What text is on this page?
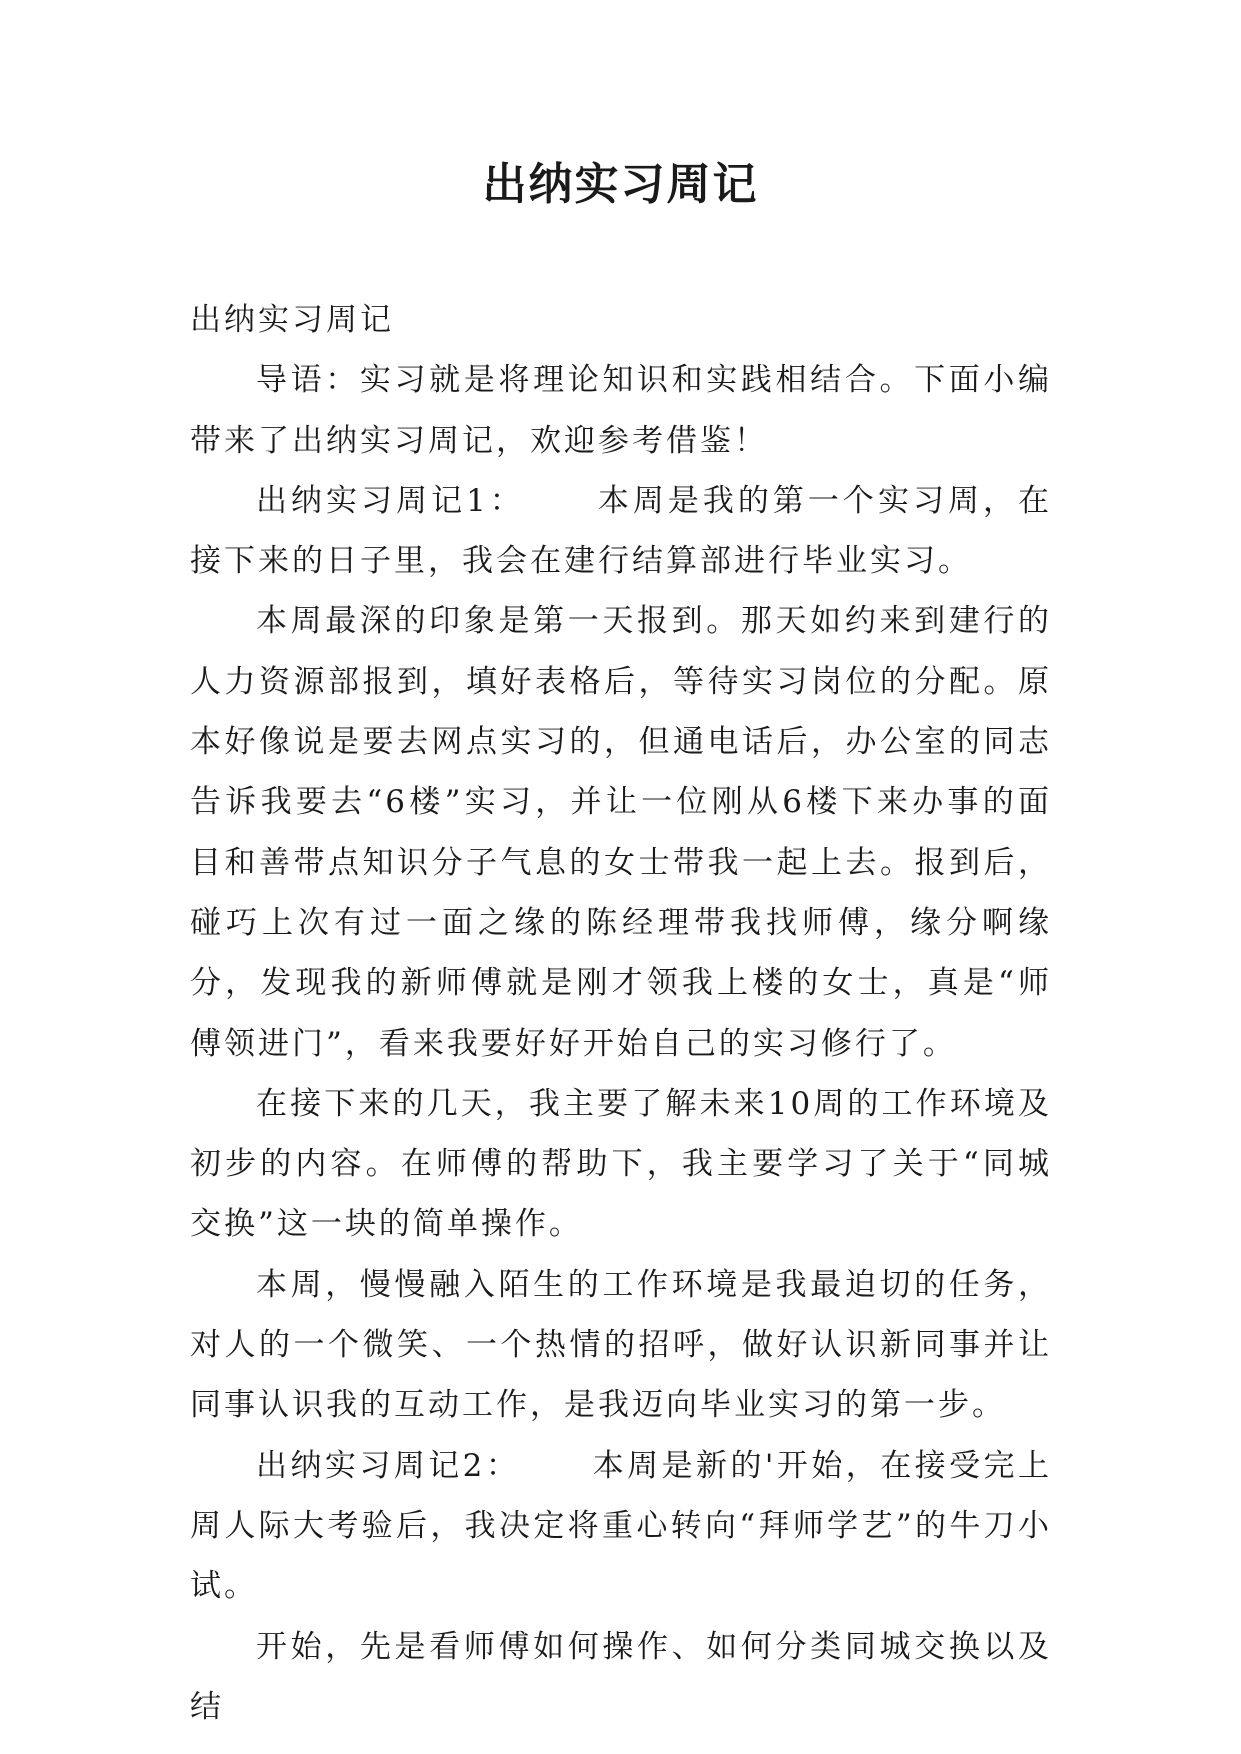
出纳实习周记

出纳实习周记

导语：实习就是将理论知识和实践相结合。下面小编带来了出纳实习周记，欢迎参考借鉴！

出纳实习周记1： 本周是我的第一个实习周，在接下来的日子里，我会在建行结算部进行毕业实习。

本周最深的印象是第一天报到。那天如约来到建行的人力资源部报到，填好表格后，等待实习岗位的分配。原本好像说是要去网点实习的，但通电话后，办公室的同志告诉我要去“6楼”实习，并让一位刚从6楼下来办事的面目和善带点知识分子气息的女士带我一起上去。报到后，碰巧上次有过一面之缘的陈经理带我找师傅，缘分啊缘分，发现我的新师傅就是刚才领我上楼的女士，真是“师傅领进门”，看来我要好好开始自己的实习修行了。

在接下来的几天，我主要了解未来10周的工作环境及初步的内容。在师傅的帮助下，我主要学习了关于“同城交换”这一块的简单操作。

本周，慢慢融入陌生的工作环境是我最迫切的任务，对人的一个微笑、一个热情的招呼，做好认识新同事并让同事认识我的互动工作，是我迈向毕业实习的第一步。

出纳实习周记2： 本周是新的'开始，在接受完上周人际大考验后，我决定将重心转向“拜师学艺”的牛刀小试。

开始，先是看师傅如何操作、如何分类同城交换以及结
